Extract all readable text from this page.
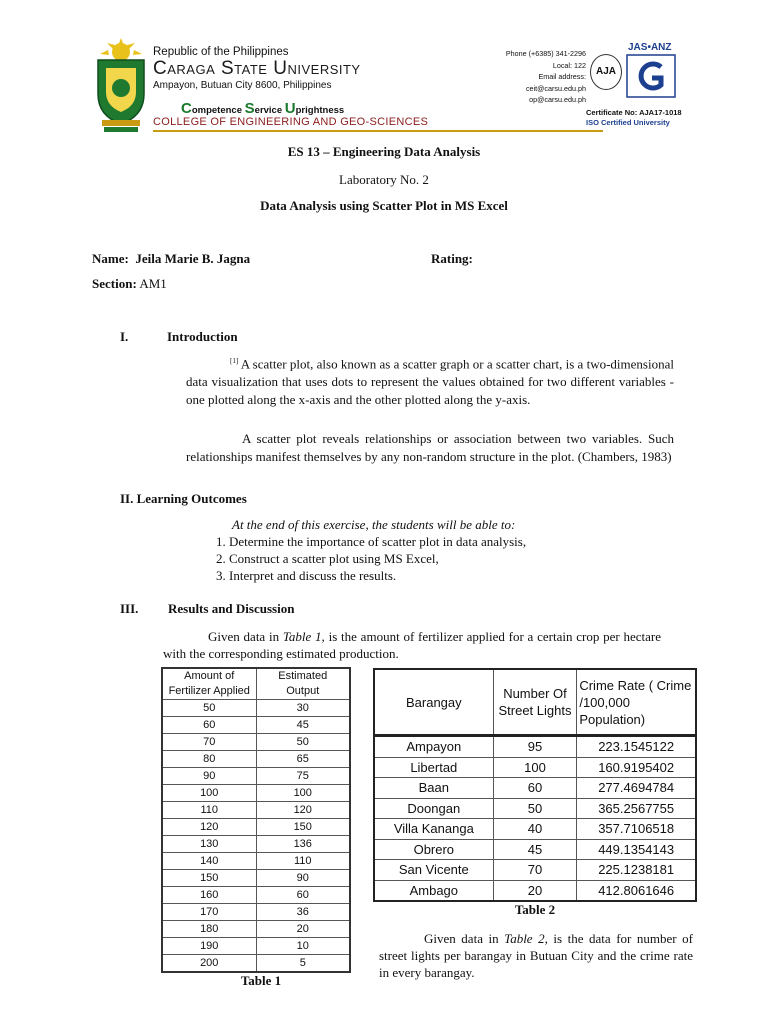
Republic of the Philippines
Caraga State University
Ampayon, Butuan City 8600, Philippines
Competence Service Uprightness
COLLEGE OF ENGINEERING AND GEO-SCIENCES
Phone (+6385) 341-2296
Local: 122
Email address: ceit@carsu.edu.ph
op@carsu.edu.ph
JAS•ANZ
AJA
Certificate No: AJA17-1018
ISO Certified University
ES 13 – Engineering Data Analysis
Laboratory No. 2
Data Analysis using Scatter Plot in MS Excel
Name: Jeila Marie B. Jagna	Rating:
Section: AM1
I.	Introduction

[1] A scatter plot, also known as a scatter graph or a scatter chart, is a two-dimensional data visualization that uses dots to represent the values obtained for two different variables - one plotted along the x-axis and the other plotted along the y-axis.

A scatter plot reveals relationships or association between two variables. Such relationships manifest themselves by any non-random structure in the plot. (Chambers, 1983)

II. Learning Outcomes
At the end of this exercise, the students will be able to:
1. Determine the importance of scatter plot in data analysis,
2. Construct a scatter plot using MS Excel,
3. Interpret and discuss the results.
III. Results and Discussion

Given data in Table 1, is the amount of fertilizer applied for a certain crop per hectare with the corresponding estimated production.

Amount of
Fertilizer Applied	Estimated
Output
50	30
60	45
70	50
80	65
90	75
100	100
110	120
120	150
130	136
140	110
150	90
160	60
170	36
180	20
190	10
200	5
Table 1
Barangay	Number Of
Street Lights	Crime Rate ( Crime
/100,000
Population)
Ampayon	95	223.1545122
Libertad	100	160.9195402
Baan	60	277.4694784
Doongan	50	365.2567755
Villa Kananga	40	357.7106518
Obrero	45	449.1354143
San Vicente	70	225.1238181
Ambago	20	412.8061646
Table 2

Given data in Table 2, is the data for number of street lights per barangay in Butuan City and the crime rate in every barangay.
